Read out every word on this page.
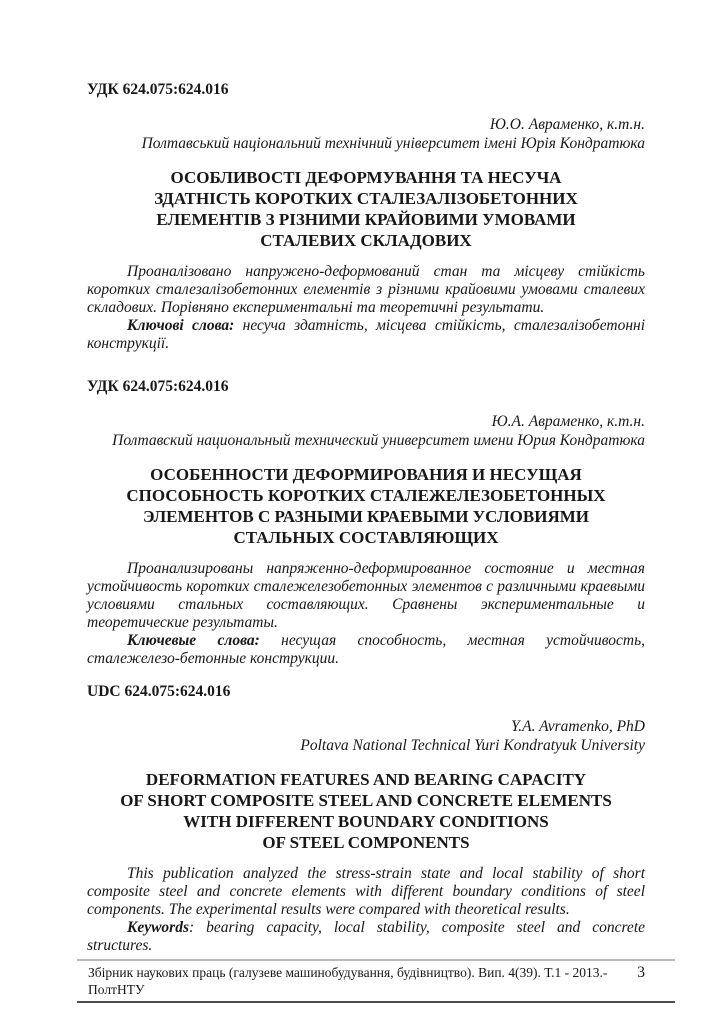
УДК 624.075:624.016
Ю.О. Авраменко, к.т.н.
Полтавський національний технічний університет імені Юрія Кондратюка
ОСОБЛИВОСТІ ДЕФОРМУВАННЯ ТА НЕСУЧА
ЗДАТНІСТЬ КОРОТКИХ СТАЛЕЗАЛІЗОБЕТОННИХ
ЕЛЕМЕНТІВ З РІЗНИМИ КРАЙОВИМИ УМОВАМИ
СТАЛЕВИХ СКЛАДОВИХ

Проаналізовано напружено-деформований стан та місцеву стійкість коротких сталезалізобетонних елементів з різними крайовими умовами сталевих складових. Порівняно експериментальні та теоретичні результати.

Ключові слова: несуча здатність, місцева стійкість, сталезалізобетонні конструкції.

УДК 624.075:624.016
Ю.А. Авраменко, к.т.н.
Полтавский национальный технический университет имени Юрия Кондратюка
ОСОБЕННОСТИ ДЕФОРМИРОВАНИЯ И НЕСУЩАЯ
СПОСОБНОСТЬ КОРОТКИХ СТАЛЕЖЕЛЕЗОБЕТОННЫХ
ЭЛЕМЕНТОВ С РАЗНЫМИ КРАЕВЫМИ УСЛОВИЯМИ
СТАЛЬНЫХ СОСТАВЛЯЮЩИХ

Проанализированы напряженно-деформированное состояние и местная устойчивость коротких сталежелезобетонных элементов с различными краевыми условиями стальных составляющих. Сравнены экспериментальные и теоретические результаты.

Ключевые слова: несущая способность, местная устойчивость, сталежелезо-бетонные конструкции.

UDC 624.075:624.016
Y.A. Avramenko, PhD
Poltava National Technical Yuri Kondratyuk University
DEFORMATION FEATURES AND BEARING CAPACITY
OF SHORT COMPOSITE STEEL AND CONCRETE ELEMENTS
WITH DIFFERENT BOUNDARY CONDITIONS
OF STEEL COMPONENTS

This publication analyzed the stress-strain state and local stability of short composite steel and concrete elements with different boundary conditions of steel components. The experimental results were compared with theoretical results.

Keywords: bearing capacity, local stability, composite steel and concrete structures.

Збірник наукових праць (галузеве машинобудування, будівництво). Вип. 4(39). Т.1 - 2013.- ПолтНТУ
3
